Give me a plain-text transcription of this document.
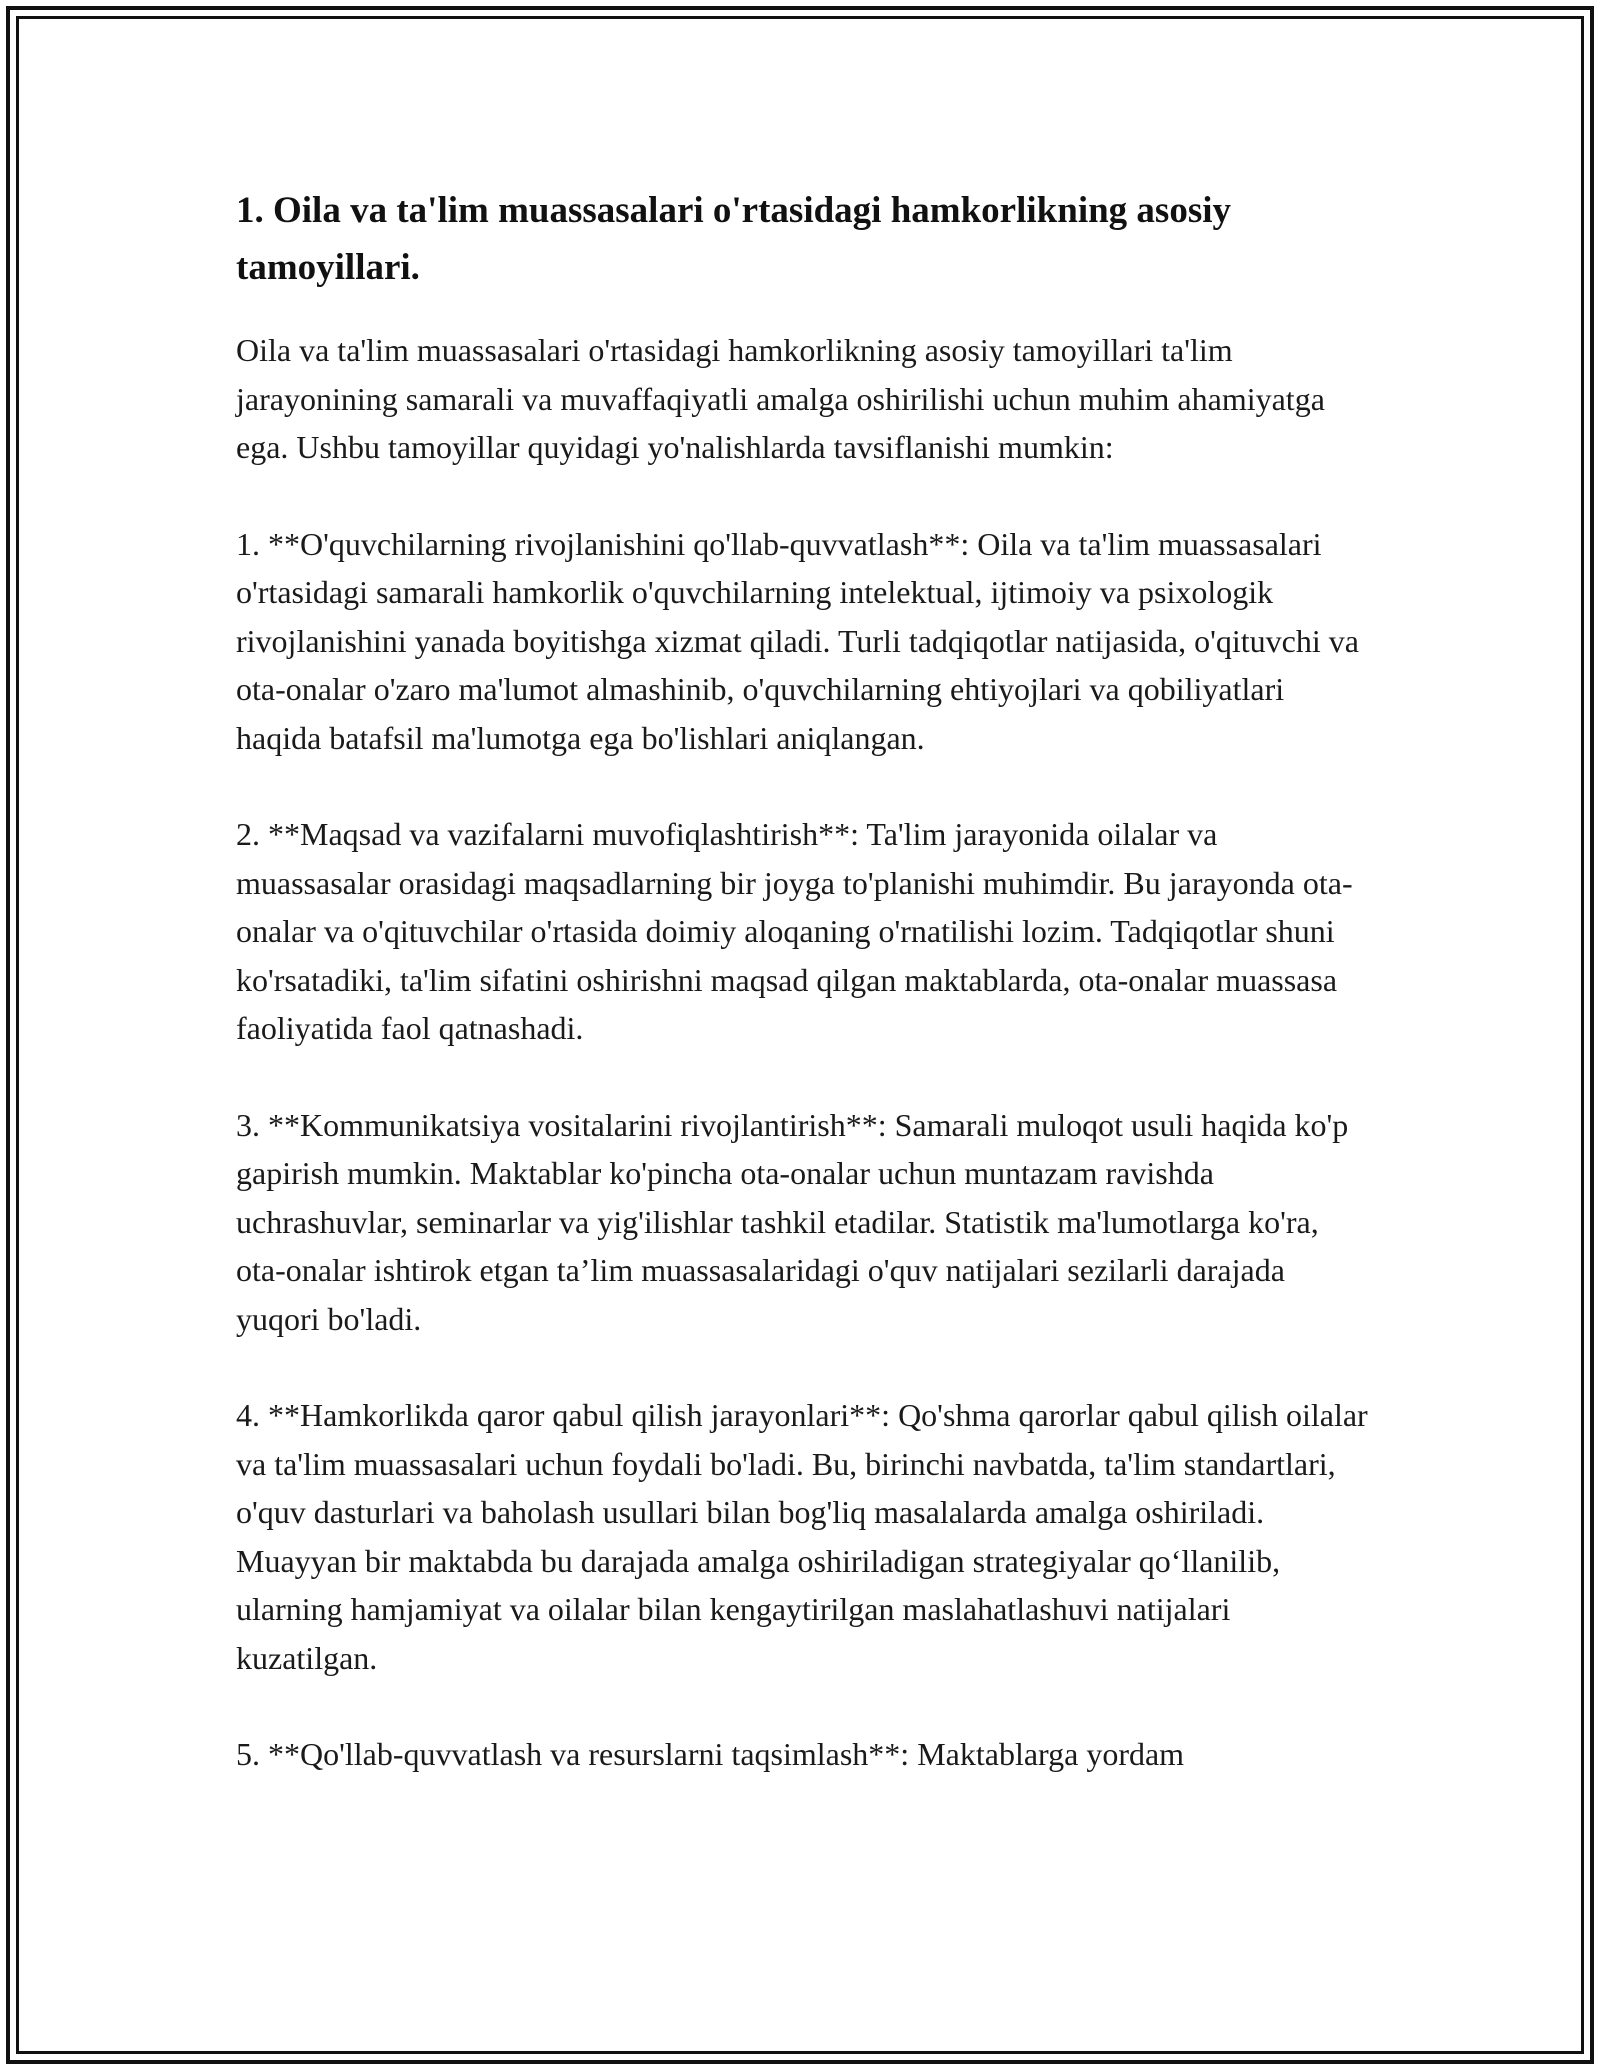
1. Oila va ta'lim muassasalari o'rtasidagi hamkorlikning asosiy tamoyillari.

Oila va ta'lim muassasalari o'rtasidagi hamkorlikning asosiy tamoyillari ta'lim jarayonining samarali va muvaffaqiyatli amalga oshirilishi uchun muhim ahamiyatga ega. Ushbu tamoyillar quyidagi yo'nalishlarda tavsiflanishi mumkin:

1. **O'quvchilarning rivojlanishini qo'llab-quvvatlash**: Oila va ta'lim muassasalari o'rtasidagi samarali hamkorlik o'quvchilarning intelektual, ijtimoiy va psixologik rivojlanishini yanada boyitishga xizmat qiladi. Turli tadqiqotlar natijasida, o'qituvchi va ota-onalar o'zaro ma'lumot almashinib, o'quvchilarning ehtiyojlari va qobiliyatlari haqida batafsil ma'lumotga ega bo'lishlari aniqlangan.

2. **Maqsad va vazifalarni muvofiqlashtirish**: Ta'lim jarayonida oilalar va muassasalar orasidagi maqsadlarning bir joyga to'planishi muhimdir. Bu jarayonda ota-onalar va o'qituvchilar o'rtasida doimiy aloqaning o'rnatilishi lozim. Tadqiqotlar shuni ko'rsatadiki, ta'lim sifatini oshirishni maqsad qilgan maktablarda, ota-onalar muassasa faoliyatida faol qatnashadi.

3. **Kommunikatsiya vositalarini rivojlantirish**: Samarali muloqot usuli haqida ko'p gapirish mumkin. Maktablar ko'pincha ota-onalar uchun muntazam ravishda uchrashuvlar, seminarlar va yig'ilishlar tashkil etadilar. Statistik ma'lumotlarga ko'ra, ota-onalar ishtirok etgan ta’lim muassasalaridagi o'quv natijalari sezilarli darajada yuqori bo'ladi.

4. **Hamkorlikda qaror qabul qilish jarayonlari**: Qo'shma qarorlar qabul qilish oilalar va ta'lim muassasalari uchun foydali bo'ladi. Bu, birinchi navbatda, ta'lim standartlari, o'quv dasturlari va baholash usullari bilan bog'liq masalalarda amalga oshiriladi. Muayyan bir maktabda bu darajada amalga oshiriladigan strategiyalar qo‘llanilib, ularning hamjamiyat va oilalar bilan kengaytirilgan maslahatlashuvi natijalari kuzatilgan.

5. **Qo'llab-quvvatlash va resurslarni taqsimlash**: Maktablarga yordam
